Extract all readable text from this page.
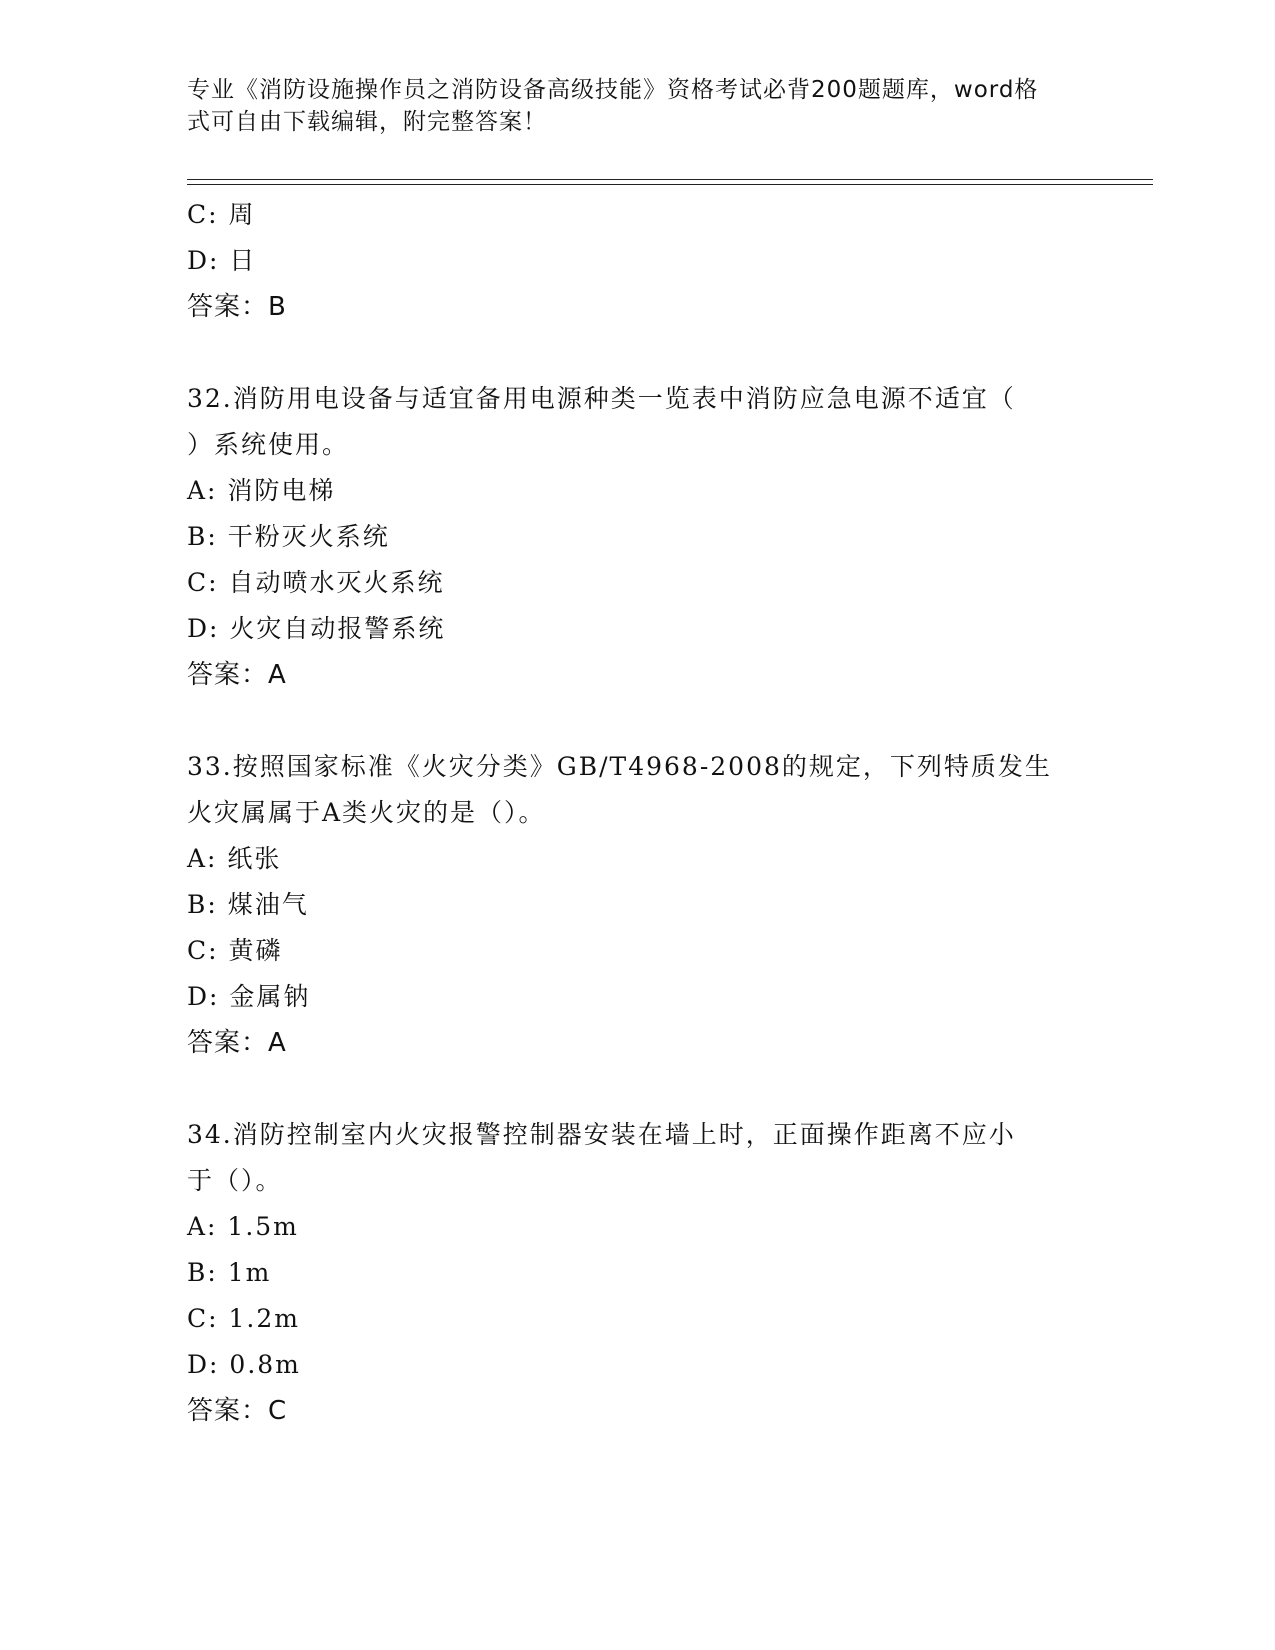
专业《消防设施操作员之消防设备高级技能》资格考试必背200题题库，word格
式可自由下载编辑，附完整答案！
C: 周
D: 日
答案：B
32.消防用电设备与适宜备用电源种类一览表中消防应急电源不适宜（
）系统使用。
A: 消防电梯
B: 干粉灭火系统
C: 自动喷水灭火系统
D: 火灾自动报警系统
答案：A
33.按照国家标准《火灾分类》GB/T4968-2008的规定，下列特质发生
火灾属属于A类火灾的是（）。
A: 纸张
B: 煤油气
C: 黄磷
D: 金属钠
答案：A
34.消防控制室内火灾报警控制器安装在墙上时，正面操作距离不应小
于（）。
A: 1.5m
B: 1m
C: 1.2m
D: 0.8m
答案：C
